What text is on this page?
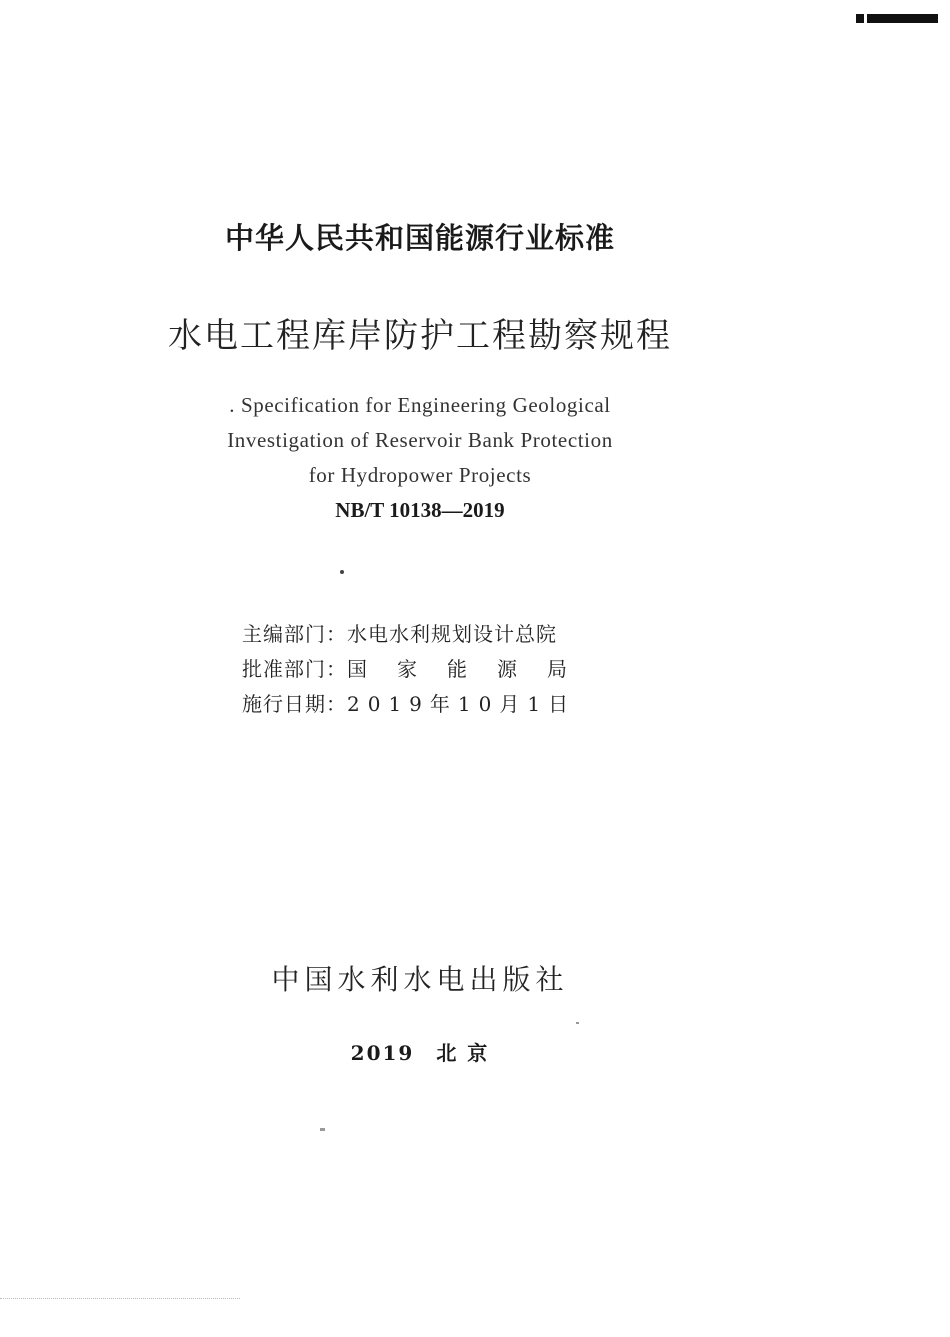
中华人民共和国能源行业标准
水电工程库岸防护工程勘察规程
. Specification for Engineering Geological
Investigation of Reservoir Bank Protection
for Hydropower Projects
NB/T 10138—2019
主编部门：水电水利规划设计总院
批准部门：国家能源局
施行日期：2019年10月1日
中国水利水电出版社
2019 北 京
